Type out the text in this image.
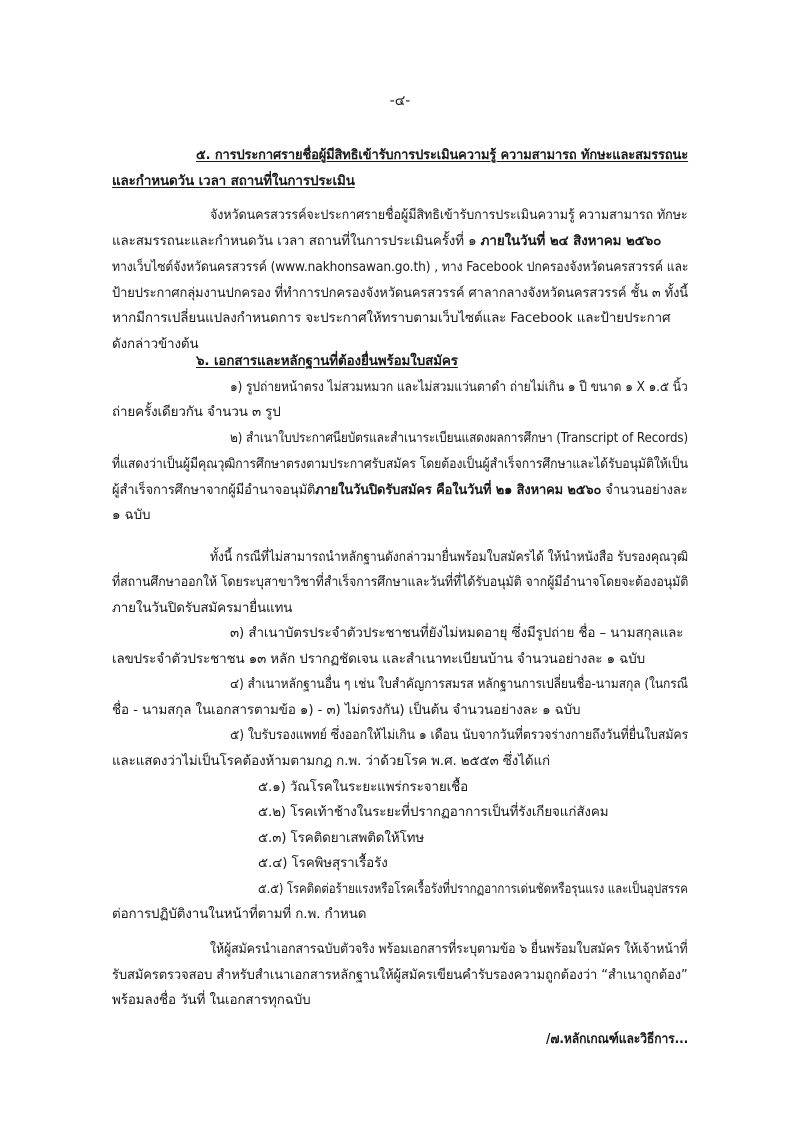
-๔-
๕. การประกาศรายชื่อผู้มีสิทธิเข้ารับการประเมินความรู้ ความสามารถ ทักษะและสมรรถนะ
และกำหนดวัน เวลา สถานที่ในการประเมิน
จังหวัดนครสวรรค์จะประกาศรายชื่อผู้มีสิทธิเข้ารับการประเมินความรู้ ความสามารถ ทักษะ
และสมรรถนะและกำหนดวัน เวลา สถานที่ในการประเมินครั้งที่ ๑ ภายในวันที่ ๒๔ สิงหาคม ๒๕๖๐
ทางเว็บไซต์จังหวัดนครสวรรค์ (www.nakhonsawan.go.th) , ทาง Facebook ปกครองจังหวัดนครสวรรค์ และ
ป้ายประกาศกลุ่มงานปกครอง ที่ทำการปกครองจังหวัดนครสวรรค์ ศาลากลางจังหวัดนครสวรรค์ ชั้น ๓ ทั้งนี้
หากมีการเปลี่ยนแปลงกำหนดการ จะประกาศให้ทราบตามเว็บไซต์และ Facebook และป้ายประกาศ
ดังกล่าวข้างต้น
๖. เอกสารและหลักฐานที่ต้องยื่นพร้อมใบสมัคร
๑) รูปถ่ายหน้าตรง ไม่สวมหมวก และไม่สวมแว่นตาดำ ถ่ายไม่เกิน ๑ ปี ขนาด ๑ X ๑.๕ นิ้ว
ถ่ายครั้งเดียวกัน จำนวน ๓ รูป
๒) สำเนาใบประกาศนียบัตรและสำเนาระเบียนแสดงผลการศึกษา (Transcript of Records)
ที่แสดงว่าเป็นผู้มีคุณวุฒิการศึกษาตรงตามประกาศรับสมัคร โดยต้องเป็นผู้สำเร็จการศึกษาและได้รับอนุมัติให้เป็น
ผู้สำเร็จการศึกษาจากผู้มีอำนาจอนุมัติภายในวันปิดรับสมัคร คือในวันที่ ๒๑ สิงหาคม ๒๕๖๐ จำนวนอย่างละ
๑ ฉบับ
ทั้งนี้ กรณีที่ไม่สามารถนำหลักฐานดังกล่าวมายื่นพร้อมใบสมัครได้ ให้นำหนังสือ รับรองคุณวุฒิ
ที่สถานศึกษาออกให้ โดยระบุสาขาวิชาที่สำเร็จการศึกษาและวันที่ที่ได้รับอนุมัติ จากผู้มีอำนาจโดยจะต้องอนุมัติ
ภายในวันปิดรับสมัครมายื่นแทน
๓) สำเนาบัตรประจำตัวประชาชนที่ยังไม่หมดอายุ ซึ่งมีรูปถ่าย ชื่อ – นามสกุลและ
เลขประจำตัวประชาชน ๑๓ หลัก ปรากฏชัดเจน และสำเนาทะเบียนบ้าน จำนวนอย่างละ ๑ ฉบับ
๔) สำเนาหลักฐานอื่น ๆ เช่น ใบสำคัญการสมรส หลักฐานการเปลี่ยนชื่อ-นามสกุล (ในกรณี
ชื่อ - นามสกุล ในเอกสารตามข้อ ๑) - ๓) ไม่ตรงกัน) เป็นต้น จำนวนอย่างละ ๑ ฉบับ
๕) ใบรับรองแพทย์ ซึ่งออกให้ไม่เกิน ๑ เดือน นับจากวันที่ตรวจร่างกายถึงวันที่ยื่นใบสมัคร
และแสดงว่าไม่เป็นโรคต้องห้ามตามกฎ ก.พ. ว่าด้วยโรค พ.ศ. ๒๕๕๓ ซึ่งได้แก่
๕.๑) วัณโรคในระยะแพร่กระจายเชื้อ
๕.๒) โรคเท้าช้างในระยะที่ปรากฏอาการเป็นที่รังเกียจแก่สังคม
๕.๓) โรคติดยาเสพติดให้โทษ
๕.๔) โรคพิษสุราเรื้อรัง
๕.๕) โรคติดต่อร้ายแรงหรือโรคเรื้อรังที่ปรากฏอาการเด่นชัดหรือรุนแรง และเป็นอุปสรรค
ต่อการปฏิบัติงานในหน้าที่ตามที่ ก.พ. กำหนด
ให้ผู้สมัครนำเอกสารฉบับตัวจริง พร้อมเอกสารที่ระบุตามข้อ ๖ ยื่นพร้อมใบสมัคร ให้เจ้าหน้าที่
รับสมัครตรวจสอบ สำหรับสำเนาเอกสารหลักฐานให้ผู้สมัครเขียนคำรับรองความถูกต้องว่า “สำเนาถูกต้อง”
พร้อมลงชื่อ วันที่ ในเอกสารทุกฉบับ
/๗.หลักเกณฑ์และวิธีการ...
